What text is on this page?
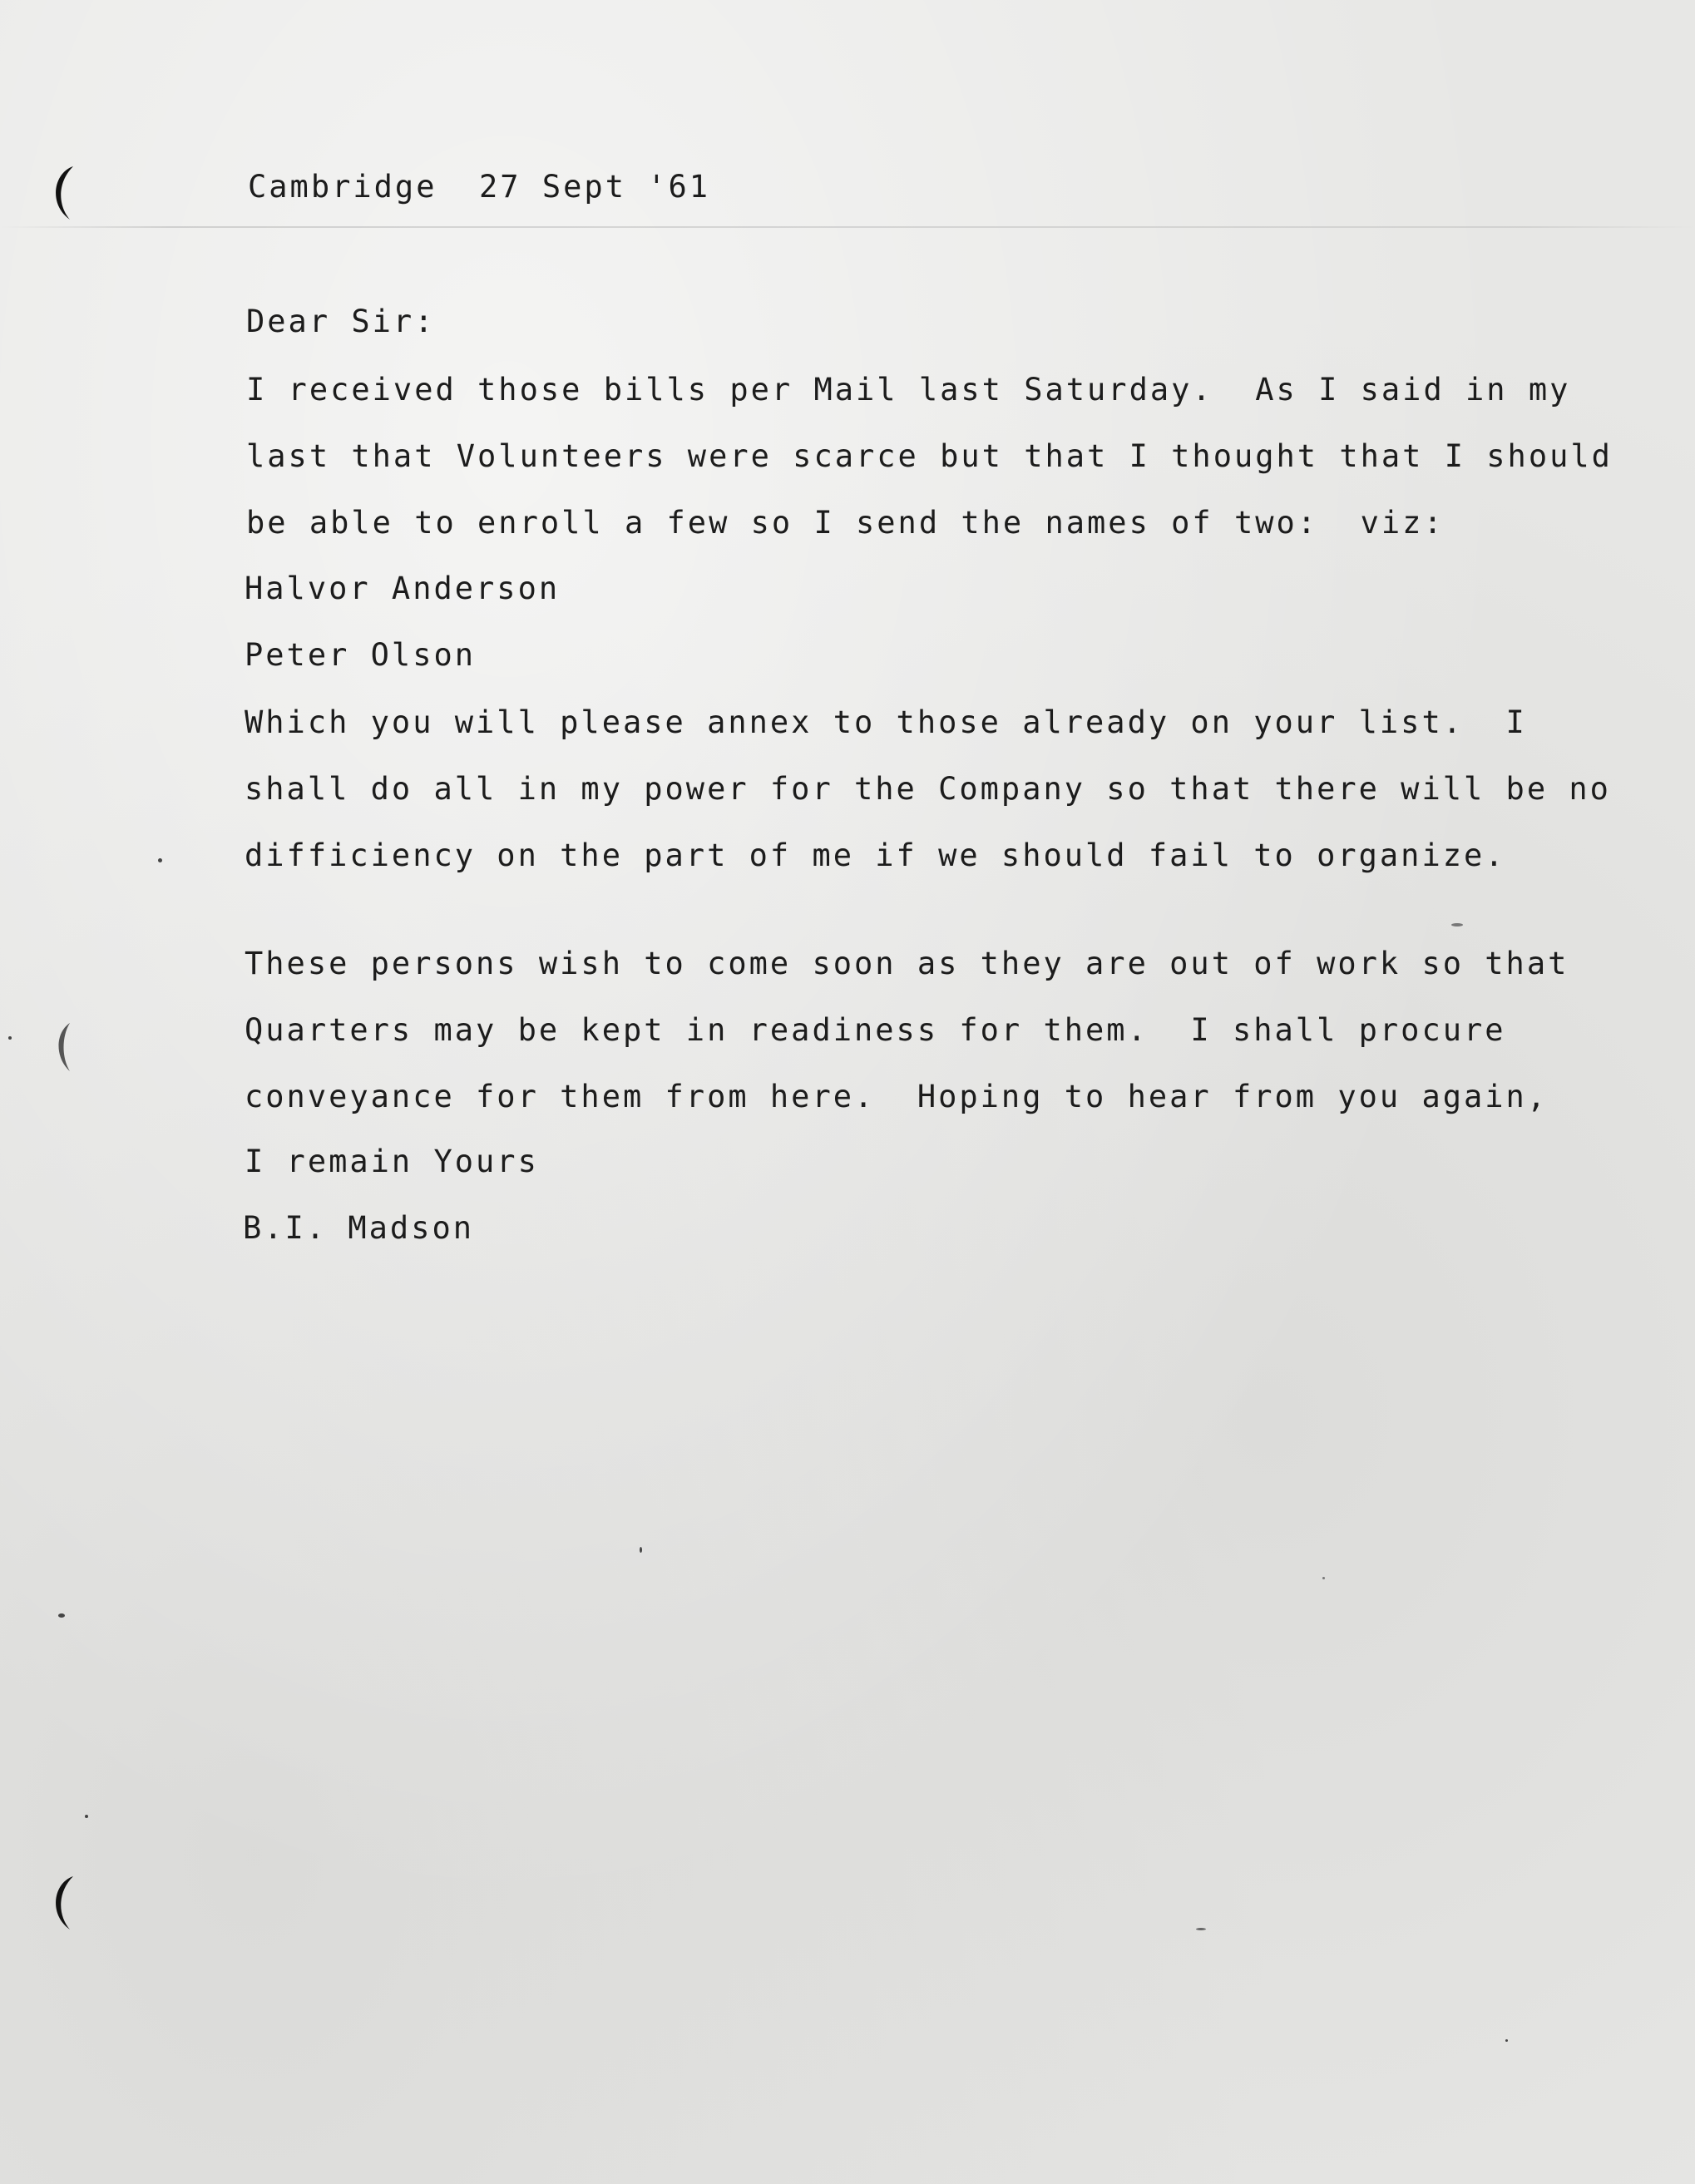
Cambridge  27 Sept '61
Dear Sir:
I received those bills per Mail last Saturday.  As I said in my
last that Volunteers were scarce but that I thought that I should
be able to enroll a few so I send the names of two:  viz:
Halvor Anderson
Peter Olson
Which you will please annex to those already on your list.  I
shall do all in my power for the Company so that there will be no
difficiency on the part of me if we should fail to organize.
These persons wish to come soon as they are out of work so that
Quarters may be kept in readiness for them.  I shall procure
conveyance for them from here.  Hoping to hear from you again,
I remain Yours
B.I. Madson
